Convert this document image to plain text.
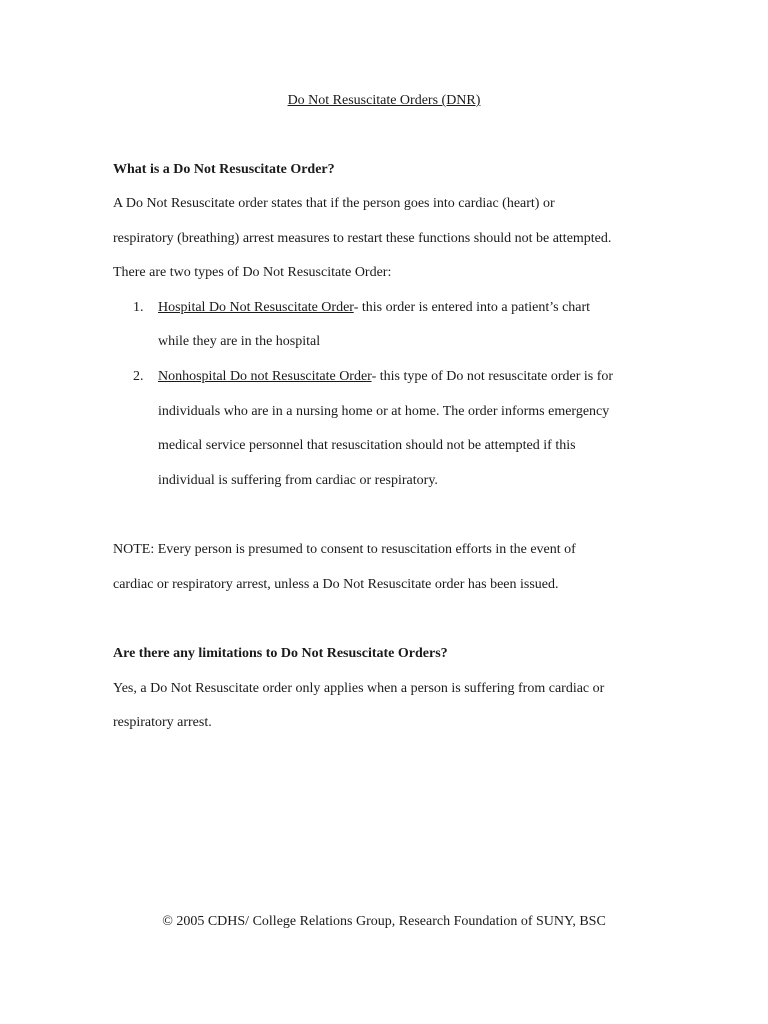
Do Not Resuscitate Orders (DNR)
What is a Do Not Resuscitate Order?
A Do Not Resuscitate order states that if the person goes into cardiac (heart) or
respiratory (breathing) arrest measures to restart these functions should not be attempted.
There are two types of Do Not Resuscitate Order:
1. Hospital Do Not Resuscitate Order- this order is entered into a patient’s chart
while they are in the hospital
2. Nonhospital Do not Resuscitate Order- this type of Do not resuscitate order is for
individuals who are in a nursing home or at home. The order informs emergency
medical service personnel that resuscitation should not be attempted if this
individual is suffering from cardiac or respiratory.
NOTE: Every person is presumed to consent to resuscitation efforts in the event of
cardiac or respiratory arrest, unless a Do Not Resuscitate order has been issued.
Are there any limitations to Do Not Resuscitate Orders?
Yes, a Do Not Resuscitate order only applies when a person is suffering from cardiac or
respiratory arrest.
© 2005 CDHS/ College Relations Group, Research Foundation of SUNY, BSC
